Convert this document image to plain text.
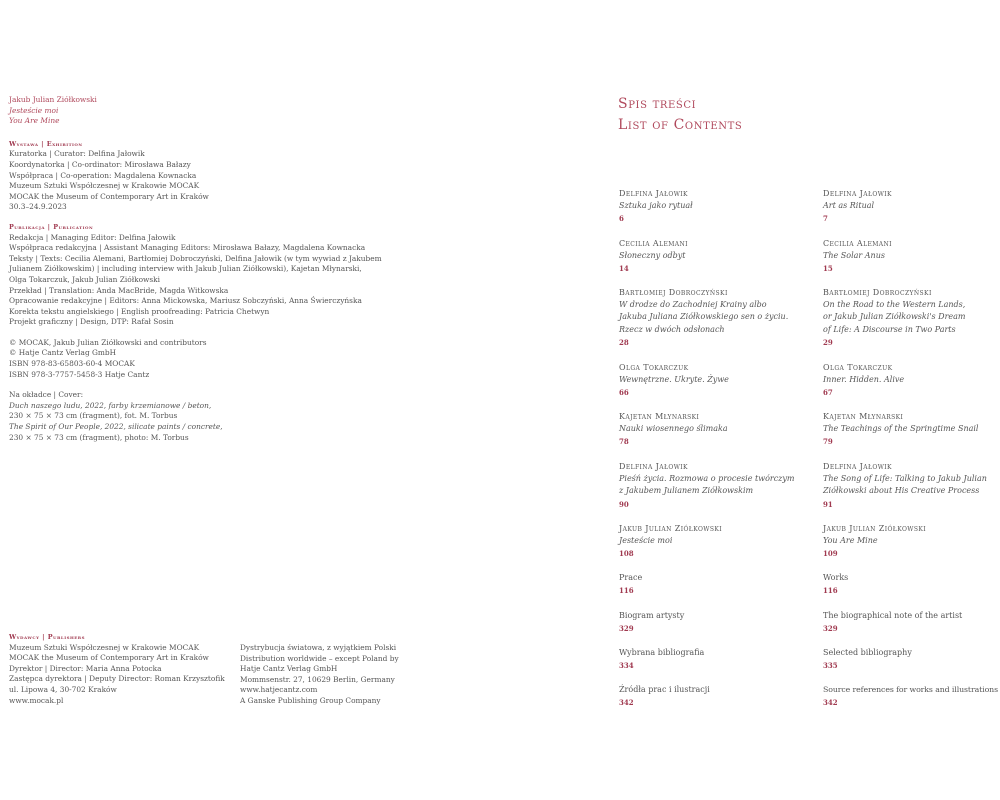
Jakub Julian Ziółkowski
Jesteście moi
You Are Mine
Wystawa | Exhibition
Kuratorka | Curator: Delfina Jałowik
Koordynatorka | Co-ordinator: Mirosława Bałazy
Współpraca | Co-operation: Magdalena Kownacka
Muzeum Sztuki Współczesnej w Krakowie MOCAK
MOCAK the Museum of Contemporary Art in Kraków
30.3–24.9.2023
Publikacja | Publication
Redakcja | Managing Editor: Delfina Jałowik
Współpraca redakcyjna | Assistant Managing Editors: Mirosława Bałazy, Magdalena Kownacka
Teksty | Texts: Cecilia Alemani, Bartłomiej Dobroczyński, Delfina Jałowik (w tym wywiad z Jakubem
Julianem Ziółkowskim) | including interview with Jakub Julian Ziółkowski), Kajetan Młynarski,
Olga Tokarczuk, Jakub Julian Ziółkowski
Przekład | Translation: Anda MacBride, Magda Witkowska
Opracowanie redakcyjne | Editors: Anna Mickowska, Mariusz Sobczyński, Anna Świerczyńska
Korekta tekstu angielskiego | English proofreading: Patricia Chetwyn
Projekt graficzny | Design, DTP: Rafał Sosin
© MOCAK, Jakub Julian Ziółkowski and contributors
© Hatje Cantz Verlag GmbH
ISBN 978-83-65803-60-4 MOCAK
ISBN 978-3-7757-5458-3 Hatje Cantz
Na okładce | Cover:
Duch naszego ludu, 2022, farby krzemianowe / beton,
230 × 75 × 73 cm (fragment), fot. M. Torbus
The Spirit of Our People, 2022, silicate paints / concrete,
230 × 75 × 73 cm (fragment), photo: M. Torbus
Wydawcy | Publishers
Muzeum Sztuki Współczesnej w Krakowie MOCAK
MOCAK the Museum of Contemporary Art in Kraków
Dyrektor | Director: Maria Anna Potocka
Zastępca dyrektora | Deputy Director: Roman Krzysztofik
ul. Lipowa 4, 30-702 Kraków
www.mocak.pl
Dystrybucja światowa, z wyjątkiem Polski
Distribution worldwide – except Poland by
Hatje Cantz Verlag GmbH
Mommsenstr. 27, 10629 Berlin, Germany
www.hatjecantz.com
A Ganske Publishing Group Company
Spis treści
List of Contents
Delfina Jałowik
Sztuka jako rytuał
6
Cecilia Alemani
Słoneczny odbyt
14
Bartłomiej Dobroczyński
W drodze do Zachodniej Krainy albo
Jakuba Juliana Ziółkowskiego sen o życiu.
Rzecz w dwóch odsłonach
28
Olga Tokarczuk
Wewnętrzne. Ukryte. Żywe
66
Kajetan Młynarski
Nauki wiosennego ślimaka
78
Delfina Jałowik
Pieśń życia. Rozmowa o procesie twórczym
z Jakubem Julianem Ziółkowskim
90
Jakub Julian Ziółkowski
Jesteście moi
108
Prace
116
Biogram artysty
329
Wybrana bibliografia
334
Źródła prac i ilustracji
342
Delfina Jałowik
Art as Ritual
7
Cecilia Alemani
The Solar Anus
15
Bartłomiej Dobroczyński
On the Road to the Western Lands,
or Jakub Julian Ziółkowski's Dream
of Life: A Discourse in Two Parts
29
Olga Tokarczuk
Inner. Hidden. Alive
67
Kajetan Młynarski
The Teachings of the Springtime Snail
79
Delfina Jałowik
The Song of Life: Talking to Jakub Julian
Ziółkowski about His Creative Process
91
Jakub Julian Ziółkowski
You Are Mine
109
Works
116
The biographical note of the artist
329
Selected bibliography
335
Source references for works and illustrations
342
